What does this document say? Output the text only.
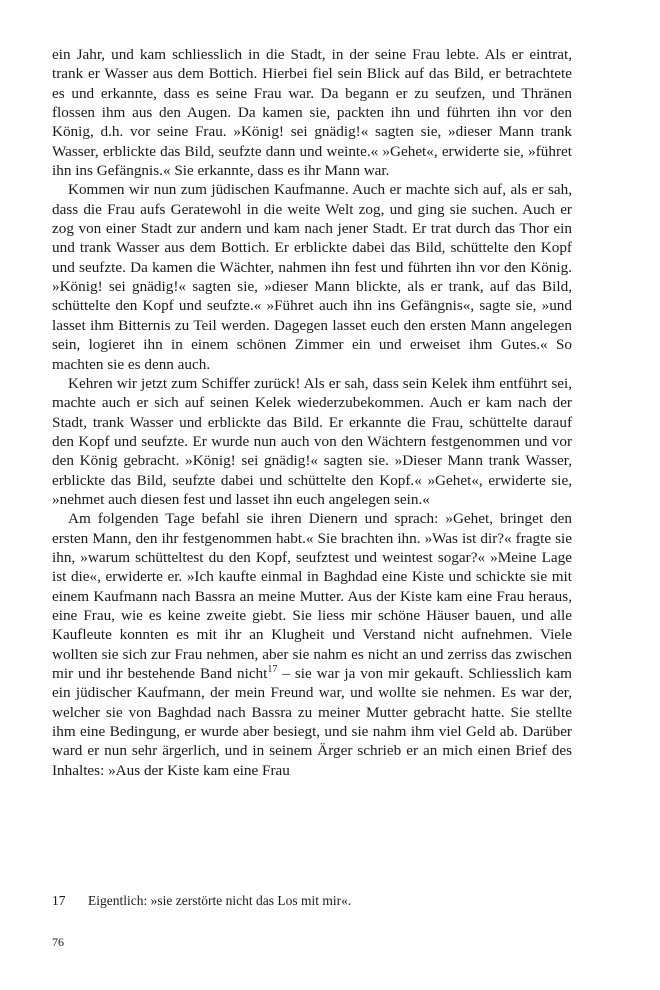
ein Jahr, und kam schliesslich in die Stadt, in der seine Frau lebte. Als er eintrat, trank er Wasser aus dem Bottich. Hierbei fiel sein Blick auf das Bild, er betrachtete es und erkannte, dass es seine Frau war. Da begann er zu seufzen, und Thränen flossen ihm aus den Augen. Da kamen sie, packten ihn und führten ihn vor den König, d.h. vor seine Frau. »König! sei gnädig!« sagten sie, »dieser Mann trank Wasser, erblickte das Bild, seufzte dann und weinte.« »Gehet«, erwiderte sie, »führet ihn ins Gefängnis.« Sie erkannte, dass es ihr Mann war.

Kommen wir nun zum jüdischen Kaufmanne. Auch er machte sich auf, als er sah, dass die Frau aufs Geratewohl in die weite Welt zog, und ging sie suchen. Auch er zog von einer Stadt zur andern und kam nach jener Stadt. Er trat durch das Thor ein und trank Wasser aus dem Bottich. Er erblickte dabei das Bild, schüttelte den Kopf und seufzte. Da kamen die Wächter, nahmen ihn fest und führten ihn vor den König. »König! sei gnädig!« sagten sie, »dieser Mann blickte, als er trank, auf das Bild, schüttelte den Kopf und seufzte.« »Führet auch ihn ins Gefängnis«, sagte sie, »und lasset ihm Bitternis zu Teil werden. Dagegen lasset euch den ersten Mann angelegen sein, logieret ihn in einem schönen Zimmer ein und erweiset ihm Gutes.« So machten sie es denn auch.

Kehren wir jetzt zum Schiffer zurück! Als er sah, dass sein Kelek ihm entführt sei, machte auch er sich auf seinen Kelek wiederzubekommen. Auch er kam nach der Stadt, trank Wasser und erblickte das Bild. Er erkannte die Frau, schüttelte darauf den Kopf und seufzte. Er wurde nun auch von den Wächtern festgenommen und vor den König gebracht. »König! sei gnädig!« sagten sie. »Dieser Mann trank Wasser, erblickte das Bild, seufzte dabei und schüttelte den Kopf.« »Gehet«, erwiderte sie, »nehmet auch diesen fest und lasset ihn euch angelegen sein.«

Am folgenden Tage befahl sie ihren Dienern und sprach: »Gehet, bringet den ersten Mann, den ihr festgenommen habt.« Sie brachten ihn. »Was ist dir?« fragte sie ihn, »warum schütteltest du den Kopf, seufztest und weintest sogar?« »Meine Lage ist die«, erwiderte er. »Ich kaufte einmal in Baghdad eine Kiste und schickte sie mit einem Kaufmann nach Bassra an meine Mutter. Aus der Kiste kam eine Frau heraus, eine Frau, wie es keine zweite giebt. Sie liess mir schöne Häuser bauen, und alle Kaufleute konnten es mit ihr an Klugheit und Verstand nicht aufnehmen. Viele wollten sie sich zur Frau nehmen, aber sie nahm es nicht an und zerriss das zwischen mir und ihr bestehende Band nicht$^{17}$ – sie war ja von mir gekauft. Schliesslich kam ein jüdischer Kaufmann, der mein Freund war, und wollte sie nehmen. Es war der, welcher sie von Baghdad nach Bassra zu meiner Mutter gebracht hatte. Sie stellte ihm eine Bedingung, er wurde aber besiegt, und sie nahm ihm viel Geld ab. Darüber ward er nun sehr ärgerlich, und in seinem Ärger schrieb er an mich einen Brief des Inhaltes: »Aus der Kiste kam eine Frau

17 Eigentlich: »sie zerstörte nicht das Los mit mir«.
76
